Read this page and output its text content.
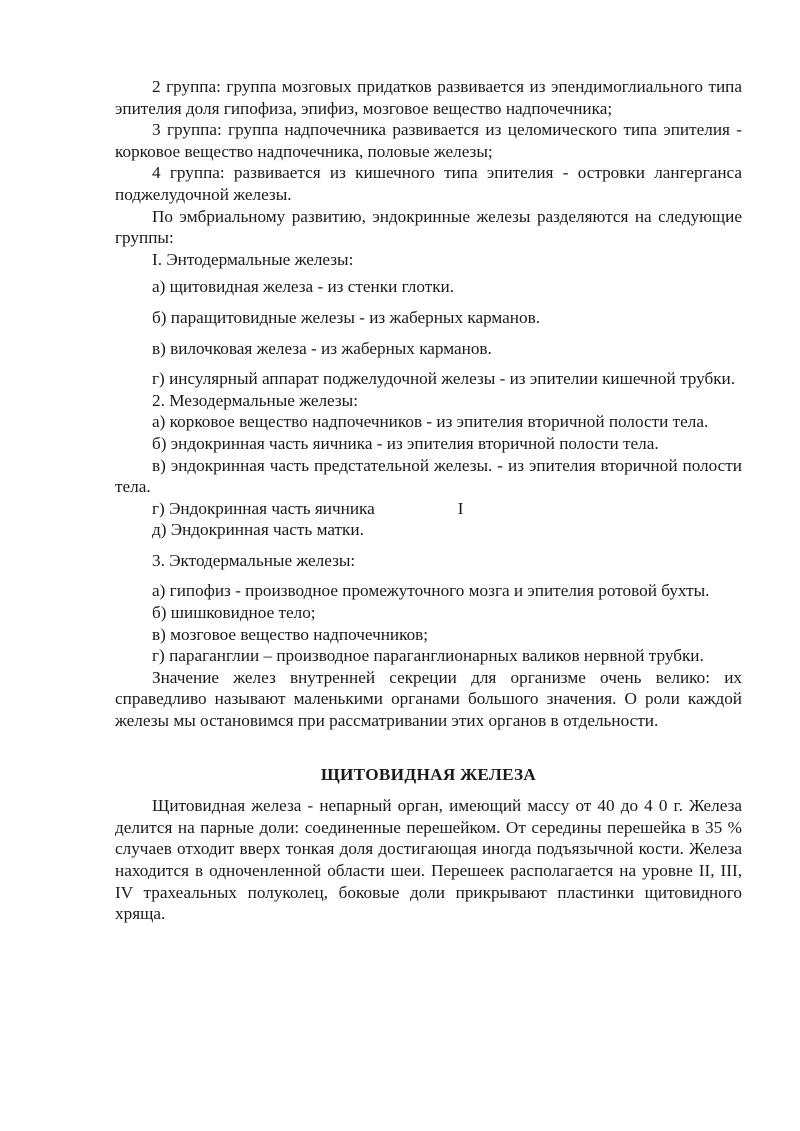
2 группа: группа мозговых придатков развивается из эпендимоглиального типа эпителия доля гипофиза, эпифиз, мозговое вещество надпочечника;

3 группа: группа надпочечника развивается из целомического типа эпителия - корковое вещество надпочечника, половые железы;

4 группа: развивается из кишечного типа эпителия - островки лангерганса поджелудочной железы.

По эмбриальному развитию, эндокринные железы разделяются на следующие группы:

I. Энтодермальные железы:

а) щитовидная железа - из стенки глотки.

б) паращитовидные железы - из жаберных карманов.

в) вилочковая железа - из жаберных карманов.

г) инсулярный аппарат поджелудочной железы - из эпителии кишечной трубки.

2. Мезодермальные железы:

а) корковое вещество надпочечников - из эпителия вторичной полости тела.

б) эндокринная часть яичника - из эпителия вторичной полости тела.

в) эндокринная часть предстательной железы. - из эпителия вторичной полости тела.

г) Эндокринная часть яичника	I

д) Эндокринная часть матки.

3. Эктодермальные железы:

а) гипофиз - производное промежуточного мозга и эпителия ротовой бухты.

б) шишковидное тело;

в) мозговое вещество надпочечников;

г) параганглии – производное параганглионарных валиков нервной трубки.

Значение желез внутренней секреции для организме очень велико: их справедливо называют маленькими органами большого значения. О роли каждой железы мы остановимся при рассматривании этих органов в отдельности.

ЩИТОВИДНАЯ ЖЕЛЕЗА

Щитовидная железа - непарный орган, имеющий массу от 40 до 4 0 г. Железа делится на парные доли: соединенные перешейком. От середины перешейка в 35 % случаев отходит вверх тонкая доля достигающая иногда подъязычной кости. Железа находится в одноченленной области шеи. Перешеек располагается на уровне II, III, IV трахеальных полуколец, боковые доли прикрывают пластинки щитовидного хряща.
